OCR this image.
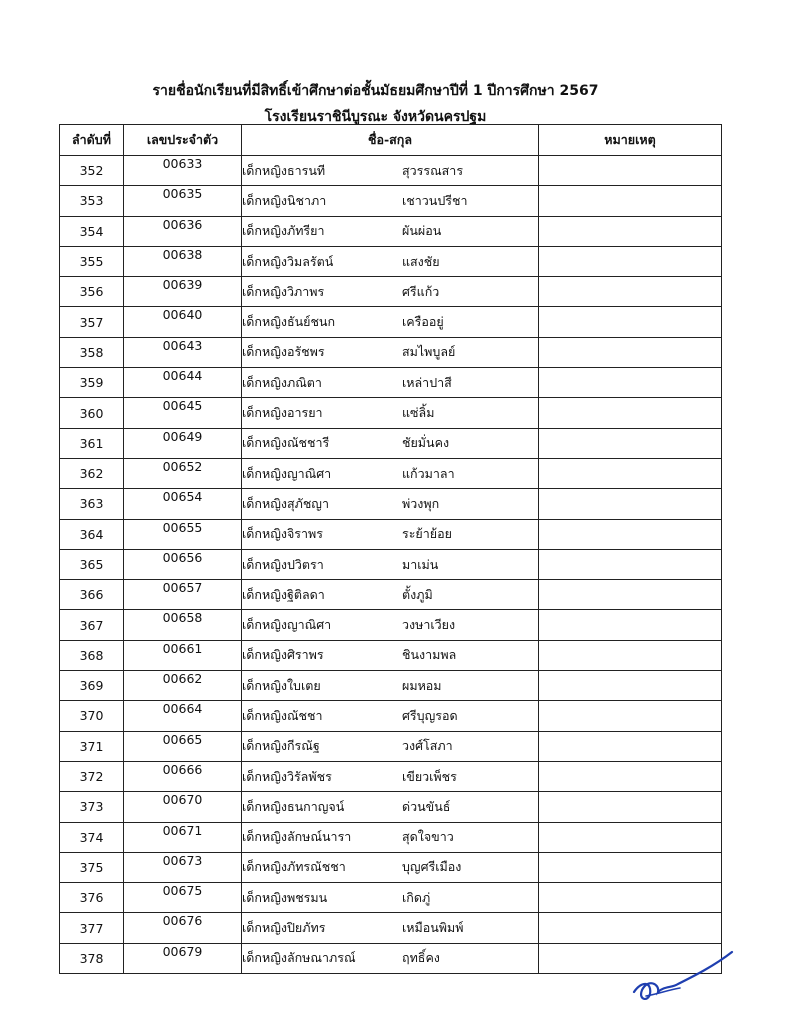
รายชื่อนักเรียนที่มีสิทธิ์เข้าศึกษาต่อชั้นมัธยมศึกษาปีที่ 1 ปีการศึกษา 2567
โรงเรียนราชินีบูรณะ จังหวัดนครปฐม
ลำดับที่	เลขประจำตัว	ชื่อ-สกุล	หมายเหตุ
352	00633	เด็กหญิงธารนที สุวรรณสาร	
353	00635	เด็กหญิงนิชาภา เชาวนปรีชา	
354	00636	เด็กหญิงภัทรียา ผันผ่อน	
355	00638	เด็กหญิงวิมลรัตน์ แสงชัย	
356	00639	เด็กหญิงวิภาพร ศรีแก้ว	
357	00640	เด็กหญิงธันย์ชนก เครืออยู่	
358	00643	เด็กหญิงอรัชพร สมไพบูลย์	
359	00644	เด็กหญิงภณิตา เหล่าปาสี	
360	00645	เด็กหญิงอารยา แซ่ลิ้ม	
361	00649	เด็กหญิงณัชชารี ชัยมั่นคง	
362	00652	เด็กหญิงญาณิศา แก้วมาลา	
363	00654	เด็กหญิงสุภัชญา พ่วงพุก	
364	00655	เด็กหญิงจิราพร ระย้าย้อย	
365	00656	เด็กหญิงปวิตรา มาเม่น	
366	00657	เด็กหญิงฐิติลดา ตั้งภูมิ	
367	00658	เด็กหญิงญาณิศา วงษาเวียง	
368	00661	เด็กหญิงศิราพร ชินงามพล	
369	00662	เด็กหญิงใบเตย ผมหอม	
370	00664	เด็กหญิงณัชชา ศรีบุญรอด	
371	00665	เด็กหญิงกีรณัฐ วงศ์โสภา	
372	00666	เด็กหญิงวิรัลพัชร เขียวเพ็ชร	
373	00670	เด็กหญิงธนกาญจน์ ด่วนขันธ์	
374	00671	เด็กหญิงลักษณ์นารา สุดใจขาว	
375	00673	เด็กหญิงภัทรณัชชา บุญศรีเมือง	
376	00675	เด็กหญิงพชรมน เกิดภู่	
377	00676	เด็กหญิงปิยภัทร เหมือนพิมพ์	
378	00679	เด็กหญิงลักษณาภรณ์ ฤทธิ์คง	
